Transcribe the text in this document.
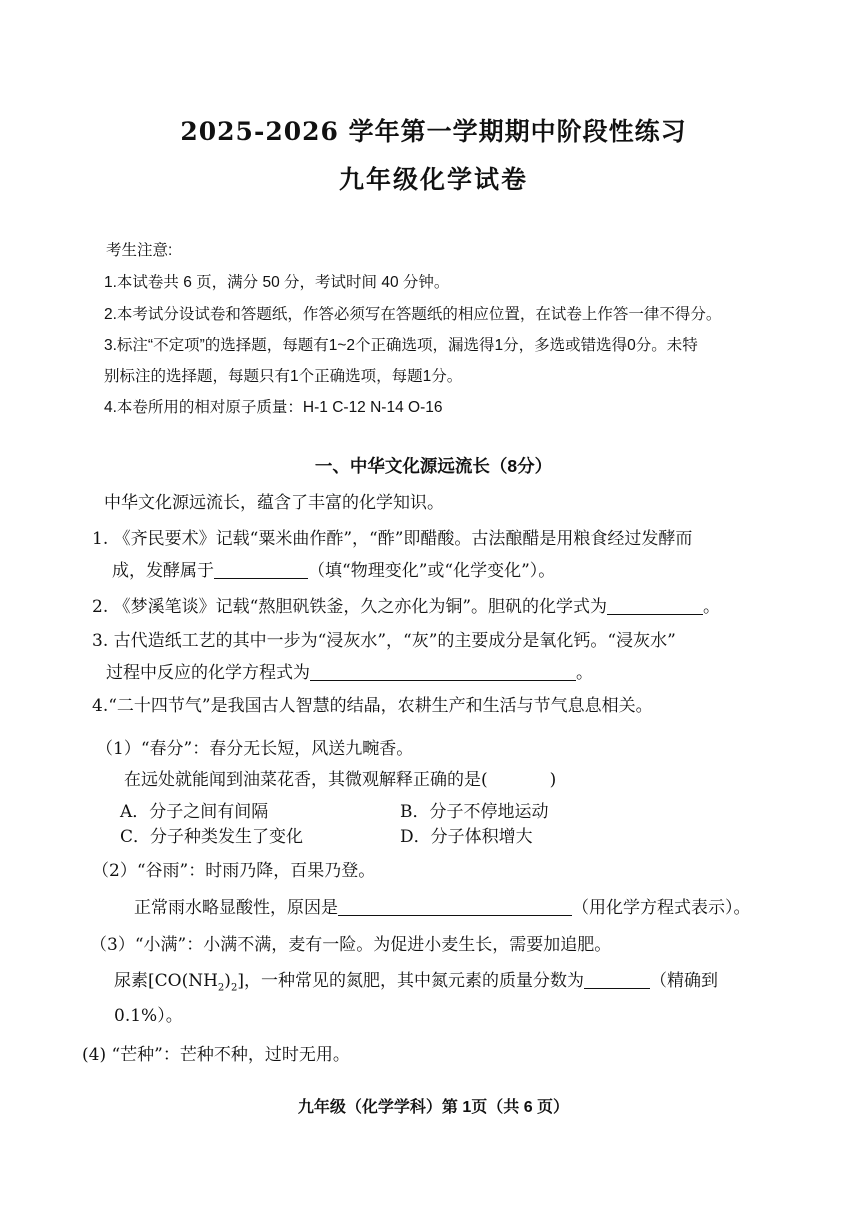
2025-2026 学年第一学期期中阶段性练习
九年级化学试卷
考生注意:
1.本试卷共 6 页，满分 50 分，考试时间 40 分钟。
2.本考试分设试卷和答题纸，作答必须写在答题纸的相应位置，在试卷上作答一律不得分。
3.标注“不定项”的选择题，每题有1~2个正确选项，漏选得1分，多选或错选得0分。未特
别标注的选择题，每题只有1个正确选项，每题1分。
4.本卷所用的相对原子质量：H-1 C-12 N-14 O-16
一、中华文化源远流长（8分）
中华文化源远流长，蕴含了丰富的化学知识。
1. 《齐民要术》记载“粟米曲作酢”，“酢”即醋酸。古法酿醋是用粮食经过发酵而
成，发酵属于	（填“物理变化”或“化学变化”）。
2. 《梦溪笔谈》记载“熬胆矾铁釜，久之亦化为铜”。胆矾的化学式为	。
3. 古代造纸工艺的其中一步为“浸灰水”，“灰”的主要成分是氧化钙。“浸灰水”
过程中反应的化学方程式为	。
4.“二十四节气”是我国古人智慧的结晶，农耕生产和生活与节气息息相关。
（1）“春分”：春分无长短，风送九畹香。
在远处就能闻到油菜花香，其微观解释正确的是(	)
A．分子之间有间隔	B．分子不停地运动
C．分子种类发生了变化	D．分子体积增大
（2）“谷雨”：时雨乃降，百果乃登。
正常雨水略显酸性，原因是	（用化学方程式表示）。
（3）“小满”：小满不满，麦有一险。为促进小麦生长，需要加追肥。
尿素$[CO(NH_2)_2]$，一种常见的氮肥，其中氮元素的质量分数为	（精确到
0.1%）。
(4) “芒种”：芒种不种，过时无用。
九年级（化学学科）第 1页（共 6 页）
